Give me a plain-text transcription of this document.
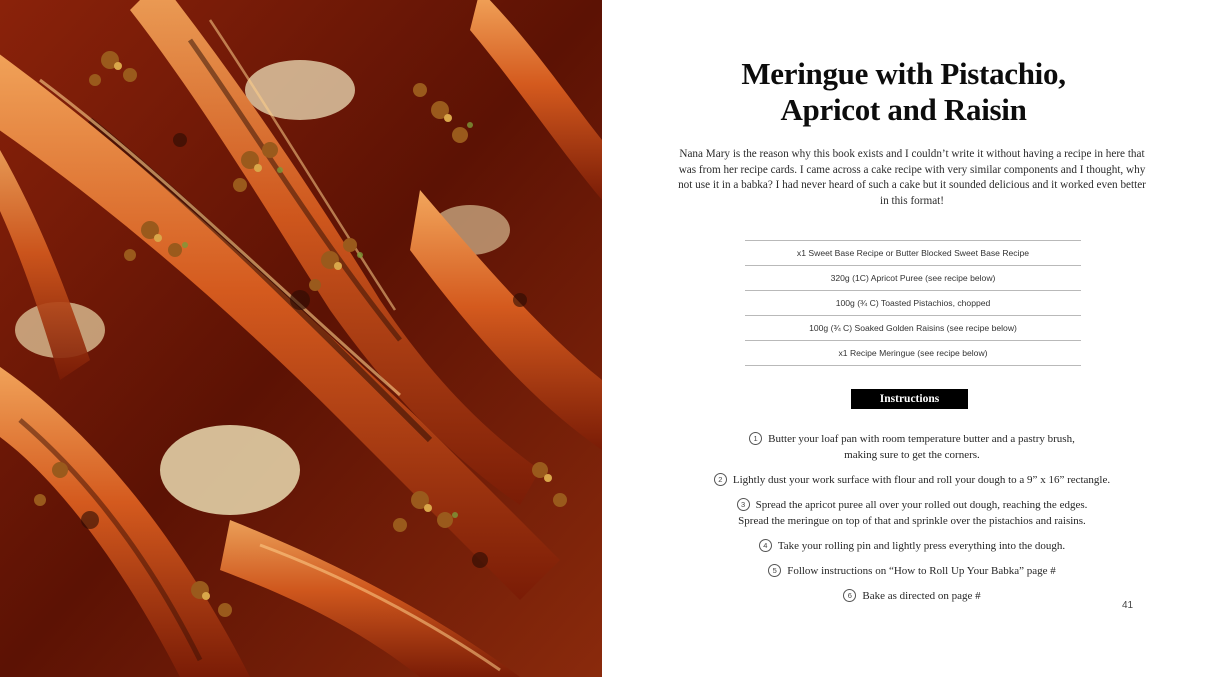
Meringue with Pistachio,
Apricot and Raisin

Nana Mary is the reason why this book exists and I couldn’t write it without having a recipe in here that was from her recipe cards. I came across a cake recipe with very similar components and I thought, why not use it in a babka? I had never heard of such a cake but it sounded delicious and it worked even better in this format!

x1 Sweet Base Recipe or Butter Blocked Sweet Base Recipe
320g (1C) Apricot Puree (see recipe below)
100g (¾ C) Toasted Pistachios, chopped
100g (¾ C) Soaked Golden Raisins (see recipe below)
x1 Recipe Meringue (see recipe below)
Instructions
1 Butter your loaf pan with room temperature butter and a pastry brush,
making sure to get the corners.
2 Lightly dust your work surface with flour and roll your dough to a 9” x 16” rectangle.
3 Spread the apricot puree all over your rolled out dough, reaching the edges.
Spread the meringue on top of that and sprinkle over the pistachios and raisins.
4 Take your rolling pin and lightly press everything into the dough.
5 Follow instructions on “How to Roll Up Your Babka” page #
6 Bake as directed on page #
41
